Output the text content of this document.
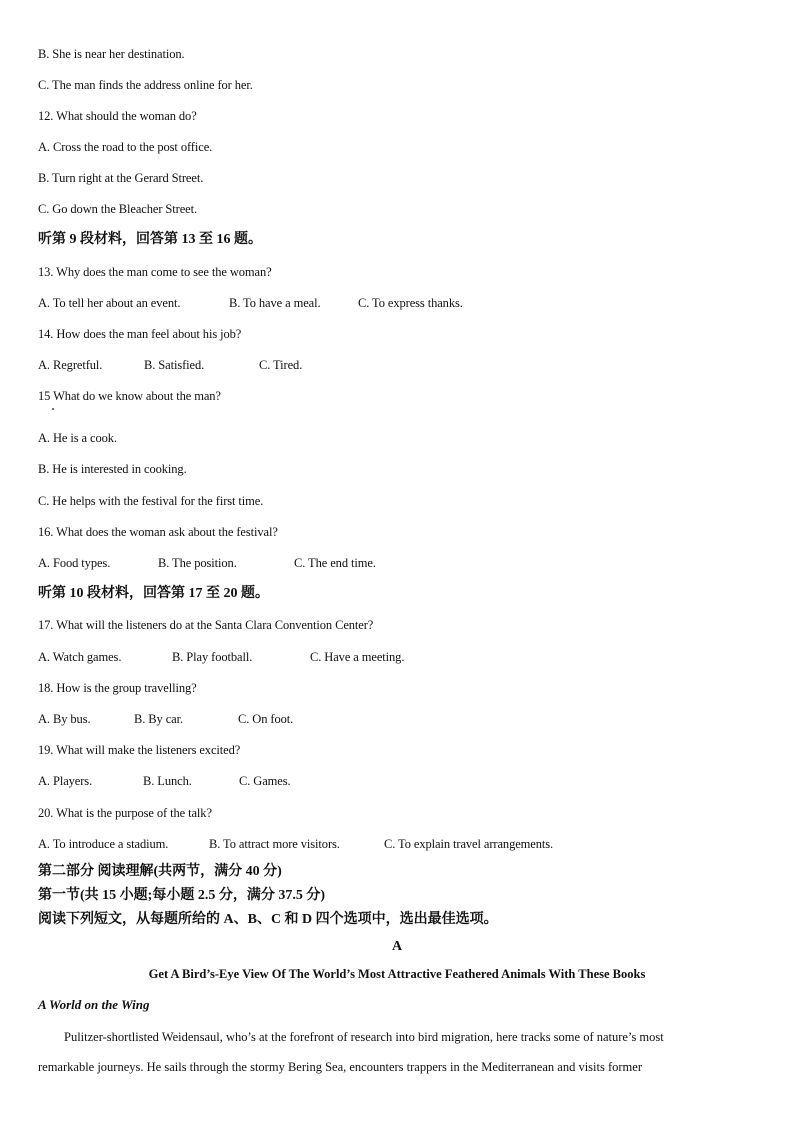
B. She is near her destination.
C. The man finds the address online for her.
12. What should the woman do?
A. Cross the road to the post office.
B. Turn right at the Gerard Street.
C. Go down the Bleacher Street.
听第 9 段材料，回答第 13 至 16 题。
13. Why does the man come to see the woman?
A. To tell her about an event.	B. To have a meal.	C. To express thanks.
14. How does the man feel about his job?
A. Regretful.	B. Satisfied.	C. Tired.
15 What do we know about the man?
A. He is a cook.
B. He is interested in cooking.
C. He helps with the festival for the first time.
16. What does the woman ask about the festival?
A. Food types.	B. The position.	C. The end time.
听第 10 段材料，回答第 17 至 20 题。
17. What will the listeners do at the Santa Clara Convention Center?
A. Watch games.	B. Play football.	C. Have a meeting.
18. How is the group travelling?
A. By bus.	B. By car.	C. On foot.
19. What will make the listeners excited?
A. Players.	B. Lunch.	C. Games.
20. What is the purpose of the talk?
A. To introduce a stadium.	B. To attract more visitors.	C. To explain travel arrangements.
第二部分 阅读理解(共两节，满分 40 分)
第一节(共 15 小题;每小题 2.5 分，满分 37.5 分)
阅读下列短文，从每题所给的 A、B、C 和 D 四个选项中，选出最佳选项。
A
Get A Bird’s-Eye View Of The World’s Most Attractive Feathered Animals With These Books
A World on the Wing
Pulitzer-shortlisted Weidensaul, who’s at the forefront of research into bird migration, here tracks some of nature’s most
remarkable journeys. He sails through the stormy Bering Sea, encounters trappers in the Mediterranean and visits former
